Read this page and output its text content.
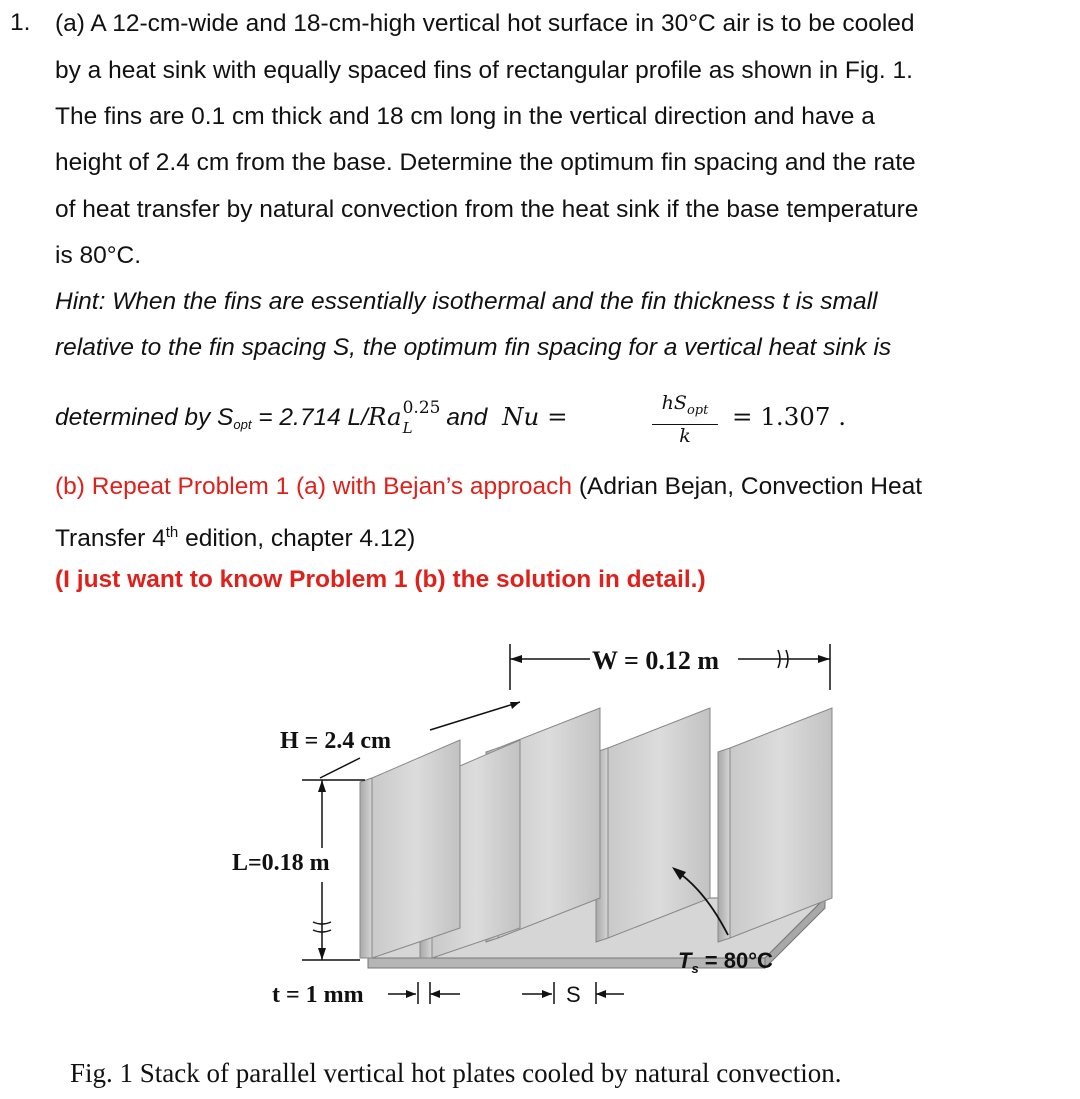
1. (a) A 12-cm-wide and 18-cm-high vertical hot surface in 30°C air is to be cooled
by a heat sink with equally spaced fins of rectangular profile as shown in Fig. 1.
The fins are 0.1 cm thick and 18 cm long in the vertical direction and have a
height of 2.4 cm from the base. Determine the optimum fin spacing and the rate
of heat transfer by natural convection from the heat sink if the base temperature
is 80°C.
Hint: When the fins are essentially isothermal and the fin thickness t is small
relative to the fin spacing S, the optimum fin spacing for a vertical heat sink is
determined by $S_{opt} = 2.714$ L/Ra 0.25
L and Nu =	$hS_{opt}$
k
= 1.307 .
(b) Repeat Problem 1 (a) with Bejan’s approach (Adrian Bejan, Convection Heat
Transfer 4th edition, chapter 4.12)
(I just want to know Problem 1 (b) the solution in detail.)
W = 0.12 m
H = 2.4 cm
L=0.18 m
t = 1 mm	S
$T_s = 80^\circ C$
Fig. 1 Stack of parallel vertical hot plates cooled by natural convection.
